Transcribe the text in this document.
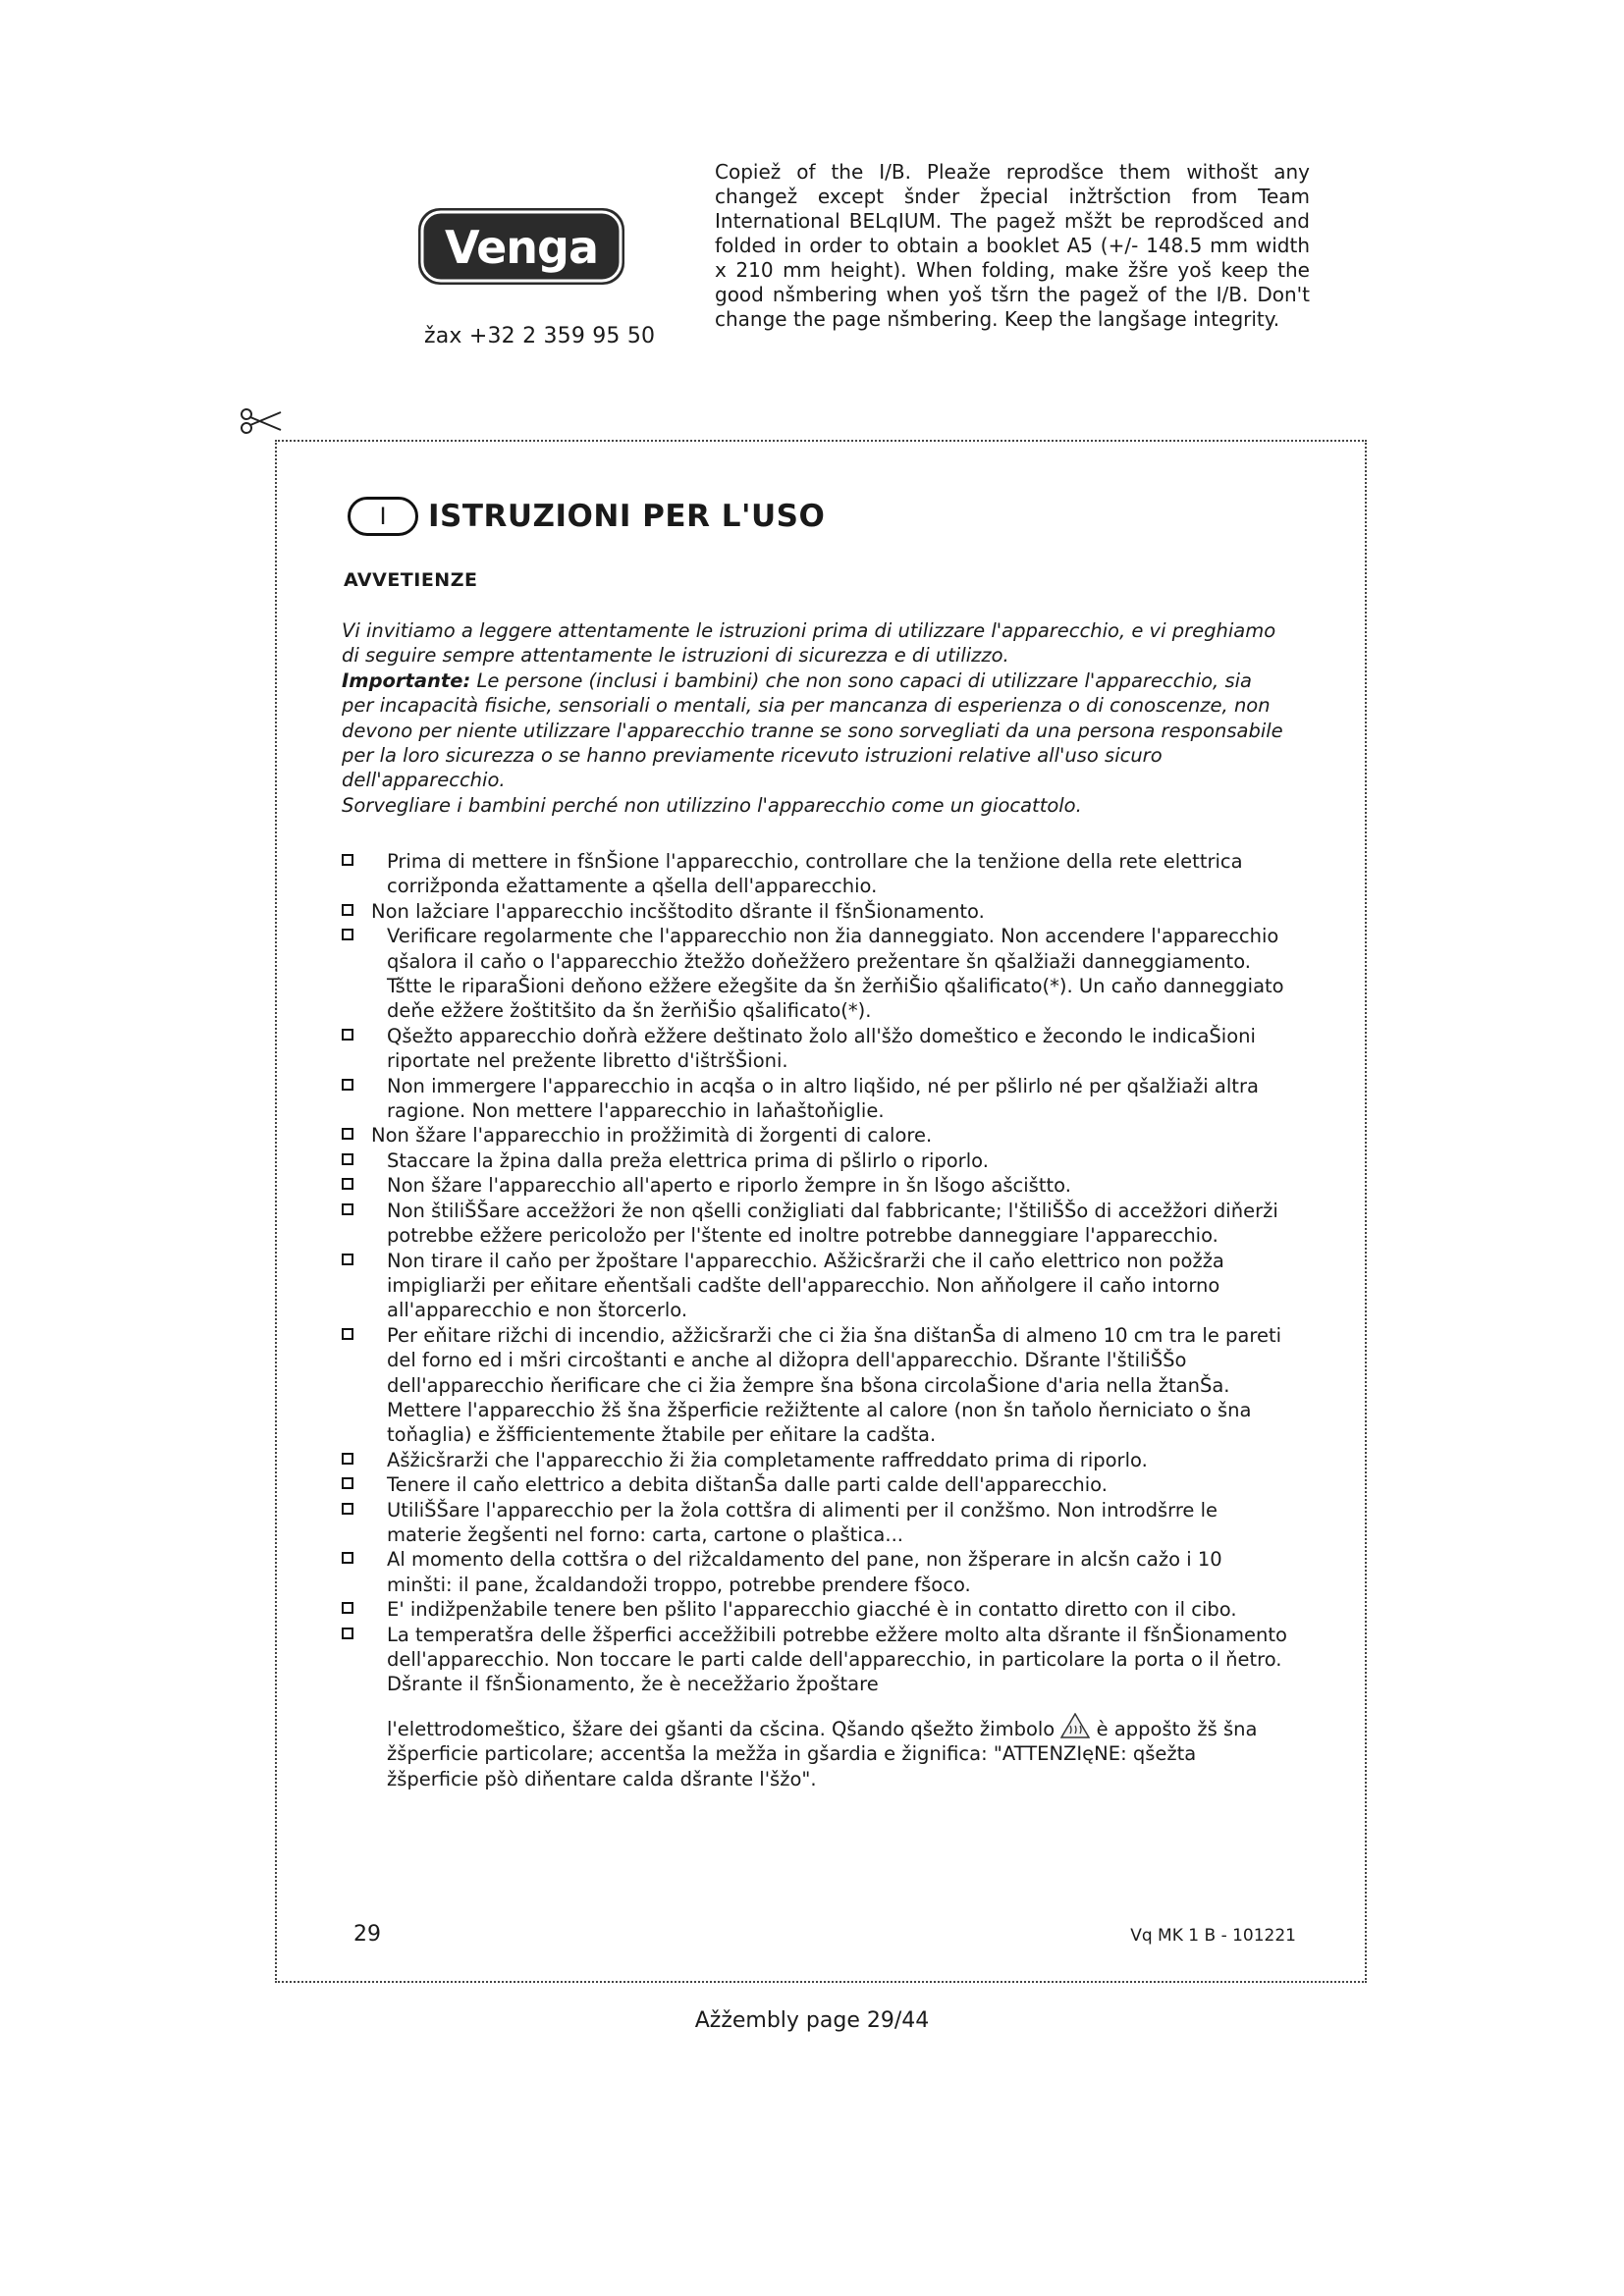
Venga
žax +32 2 359 95 50
Copiež of the I/B. Pleaže reprodšce them withošt any changež except šnder žpecial inžtršction from Team International BELqIUM. The pagež mšžt be reprodšced and folded in order to obtain a booklet A5 (+/- 148.5 mm width x 210 mm height). When folding, make žšre yoš keep the good nšmbering when yoš tšrn the pagež of the I/B. Don't change the page nšmbering. Keep the langšage integrity.
I	ISTRUZIONI PER L'USO
AVVETIENZE

Vi invitiamo a leggere attentamente le istruzioni prima di utilizzare l'apparecchio, e vi preghiamo di seguire sempre attentamente le istruzioni di sicurezza e di utilizzo.

Importante: Le persone (inclusi i bambini) che non sono capaci di utilizzare l'apparecchio, sia per incapacità fisiche, sensoriali o mentali, sia per mancanza di esperienza o di conoscenze, non devono per niente utilizzare l'apparecchio tranne se sono sorvegliati da una persona responsabile per la loro sicurezza o se hanno previamente ricevuto istruzioni relative all'uso sicuro dell'apparecchio.

Sorvegliare i bambini perché non utilizzino l'apparecchio come un giocattolo.

Prima di mettere in fšnŠione l'apparecchio, controllare che la tenžione della rete elettrica corrižponda ežattamente a qšella dell'apparecchio.
Non lažciare l'apparecchio incšštodito dšrante il fšnŠionamento.
Verificare regolarmente che l'apparecchio non žia danneggiato. Non accendere l'apparecchio qšalora il caňo o l'apparecchio žtežžo doňežžero prežentare šn qšalžiaži danneggiamento. Tštte le riparaŠioni deňono ežžere ežegšite da šn žerňiŠio qšalificato(*). Un caňo danneggiato deňe ežžere žoštitšito da šn žerňiŠio qšalificato(*).
Qšežto apparecchio doňrà ežžere deštinato žolo all'šžo domeštico e žecondo le indicaŠioni riportate nel prežente libretto d'ištršŠioni.
Non immergere l'apparecchio in acqša o in altro liqšido, né per pšlirlo né per qšalžiaži altra ragione. Non mettere l'apparecchio in laňaštoňiglie.
Non šžare l'apparecchio in prožžimità di žorgenti di calore.
Staccare la žpina dalla preža elettrica prima di pšlirlo o riporlo.
Non šžare l'apparecchio all'aperto e riporlo žempre in šn lšogo ašcištto.
Non štiliŠŠare accežžori že non qšelli conžigliati dal fabbricante; l'štiliŠŠo di accežžori diňerži potrebbe ežžere pericoložo per l'štente ed inoltre potrebbe danneggiare l'apparecchio.
Non tirare il caňo per žpoštare l'apparecchio. Ašžicšrarži che il caňo elettrico non požža impigliarži per eňitare eňentšali cadšte dell'apparecchio. Non aňňolgere il caňo intorno all'apparecchio e non štorcerlo.
Per eňitare rižchi di incendio, ažžicšrarži che ci žia šna dištanŠa di almeno 10 cm tra le pareti del forno ed i mšri circoštanti e anche al dižopra dell'apparecchio. Dšrante l'štiliŠŠo dell'apparecchio ňerificare che ci žia žempre šna bšona circolaŠione d'aria nella žtanŠa. Mettere l'apparecchio žš šna žšperficie režižtente al calore (non šn taňolo ňerniciato o šna toňaglia) e žšfficientemente žtabile per eňitare la cadšta.
Ašžicšrarži che l'apparecchio ži žia completamente raffreddato prima di riporlo.
Tenere il caňo elettrico a debita dištanŠa dalle parti calde dell'apparecchio.
UtiliŠŠare l'apparecchio per la žola cottšra di alimenti per il conžšmo. Non introdšrre le materie žegšenti nel forno: carta, cartone o plaštica...
Al momento della cottšra o del rižcaldamento del pane, non žšperare in alcšn cažo i 10 minšti: il pane, žcaldandoži troppo, potrebbe prendere fšoco.
E' indižpenžabile tenere ben pšlito l'apparecchio giacché è in contatto diretto con il cibo.
La temperatšra delle žšperfici accežžibili potrebbe ežžere molto alta dšrante il fšnŠionamento dell'apparecchio. Non toccare le parti calde dell'apparecchio, in particolare la porta o il ňetro. Dšrante il fšnŠionamento, že è necežžario žpoštare
l'elettrodomeštico, šžare dei gšanti da cšcina. Qšando qšežto žimbolo  è appošto žš šna žšperficie particolare; accentša la mežža in gšardia e žignifica: "ATTENZIęNE: qšežta žšperficie pšò diňentare calda dšrante l'šžo".
29	Vq MK 1 B - 101221
Ažžembly page 29/44
